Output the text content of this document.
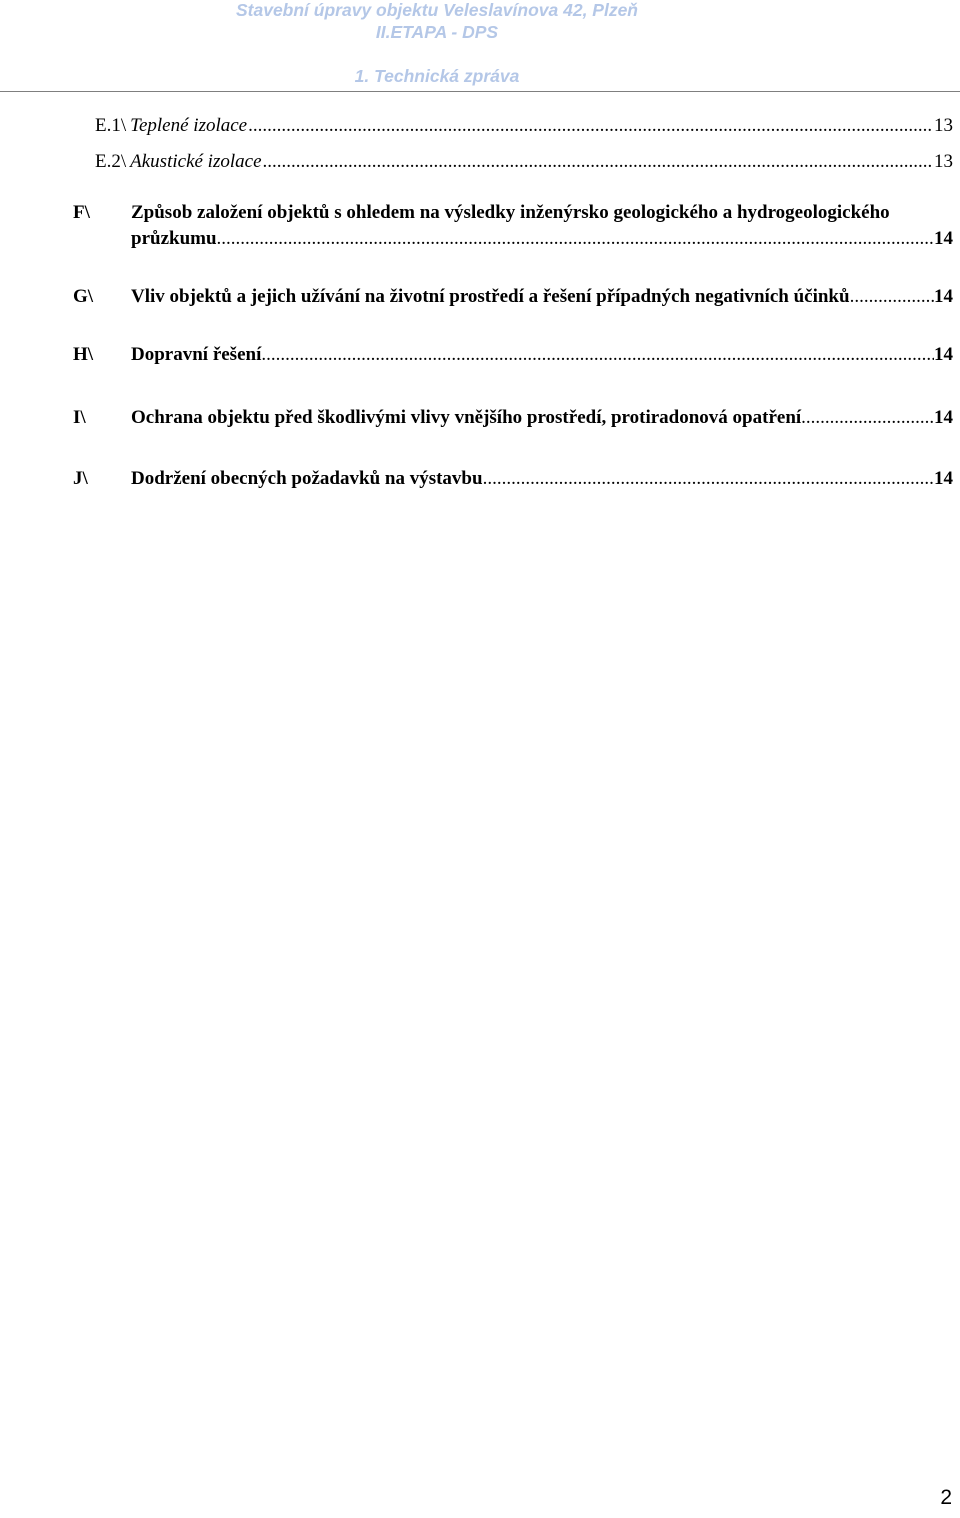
Stavební úpravy objektu Veleslavínova 42, Plzeň
II.ETAPA - DPS
1. Technická zpráva
E.1\ Teplené izolace .....	13
E.2\ Akustické izolace .....	13
F\ Způsob založení objektů s ohledem na výsledky inženýrsko geologického a hydrogeologického
průzkumu .....	14
G\ Vliv objektů a jejich užívání na životní prostředí a řešení případných negativních účinků .....	14
H\ Dopravní řešení .....	14
I\ Ochrana objektu před škodlivými vlivy vnějšího prostředí, protiradonová opatření .....	14
J\ Dodržení obecných požadavků na výstavbu .....	14
2
